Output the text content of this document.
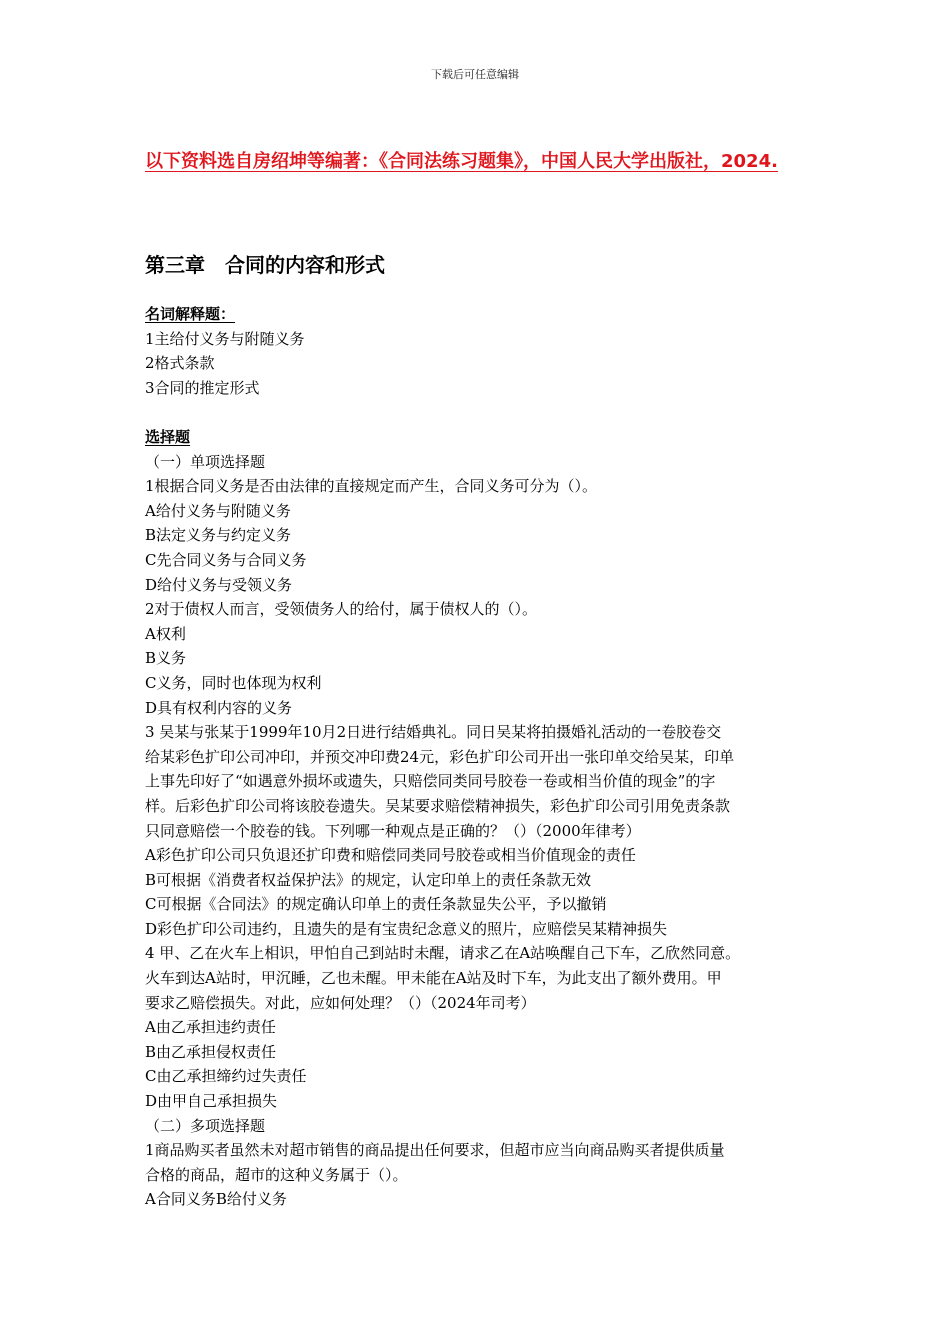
下载后可任意编辑
以下资料选自房绍坤等编著：《合同法练习题集》，中国人民大学出版社，2024.
第三章　合同的内容和形式
名词解释题：
1主给付义务与附随义务
2格式条款
3合同的推定形式
选择题
（一）单项选择题
1根据合同义务是否由法律的直接规定而产生，合同义务可分为（）。
A给付义务与附随义务
B法定义务与约定义务
C先合同义务与合同义务
D给付义务与受领义务
2对于债权人而言，受领债务人的给付，属于债权人的（）。
A权利
B义务
C义务，同时也体现为权利
D具有权利内容的义务
3 吴某与张某于1999年10月2日进行结婚典礼。同日吴某将拍摄婚礼活动的一卷胶卷交
给某彩色扩印公司冲印，并预交冲印费24元，彩色扩印公司开出一张印单交给吴某，印单
上事先印好了“如遇意外损坏或遗失，只赔偿同类同号胶卷一卷或相当价值的现金”的字
样。后彩色扩印公司将该胶卷遗失。吴某要求赔偿精神损失，彩色扩印公司引用免责条款
只同意赔偿一个胶卷的钱。下列哪一种观点是正确的？（）（2000年律考）
A彩色扩印公司只负退还扩印费和赔偿同类同号胶卷或相当价值现金的责任
B可根据《消费者权益保护法》的规定，认定印单上的责任条款无效
C可根据《合同法》的规定确认印单上的责任条款显失公平，予以撤销
D彩色扩印公司违约，且遗失的是有宝贵纪念意义的照片，应赔偿吴某精神损失
4 甲、乙在火车上相识，甲怕自己到站时未醒，请求乙在A站唤醒自己下车，乙欣然同意。
火车到达A站时，甲沉睡，乙也未醒。甲未能在A站及时下车，为此支出了额外费用。甲
要求乙赔偿损失。对此，应如何处理？（）（2024年司考）
A由乙承担违约责任
B由乙承担侵权责任
C由乙承担缔约过失责任
D由甲自己承担损失
（二）多项选择题
1商品购买者虽然未对超市销售的商品提出任何要求，但超市应当向商品购买者提供质量
合格的商品，超市的这种义务属于（）。
A合同义务B给付义务
